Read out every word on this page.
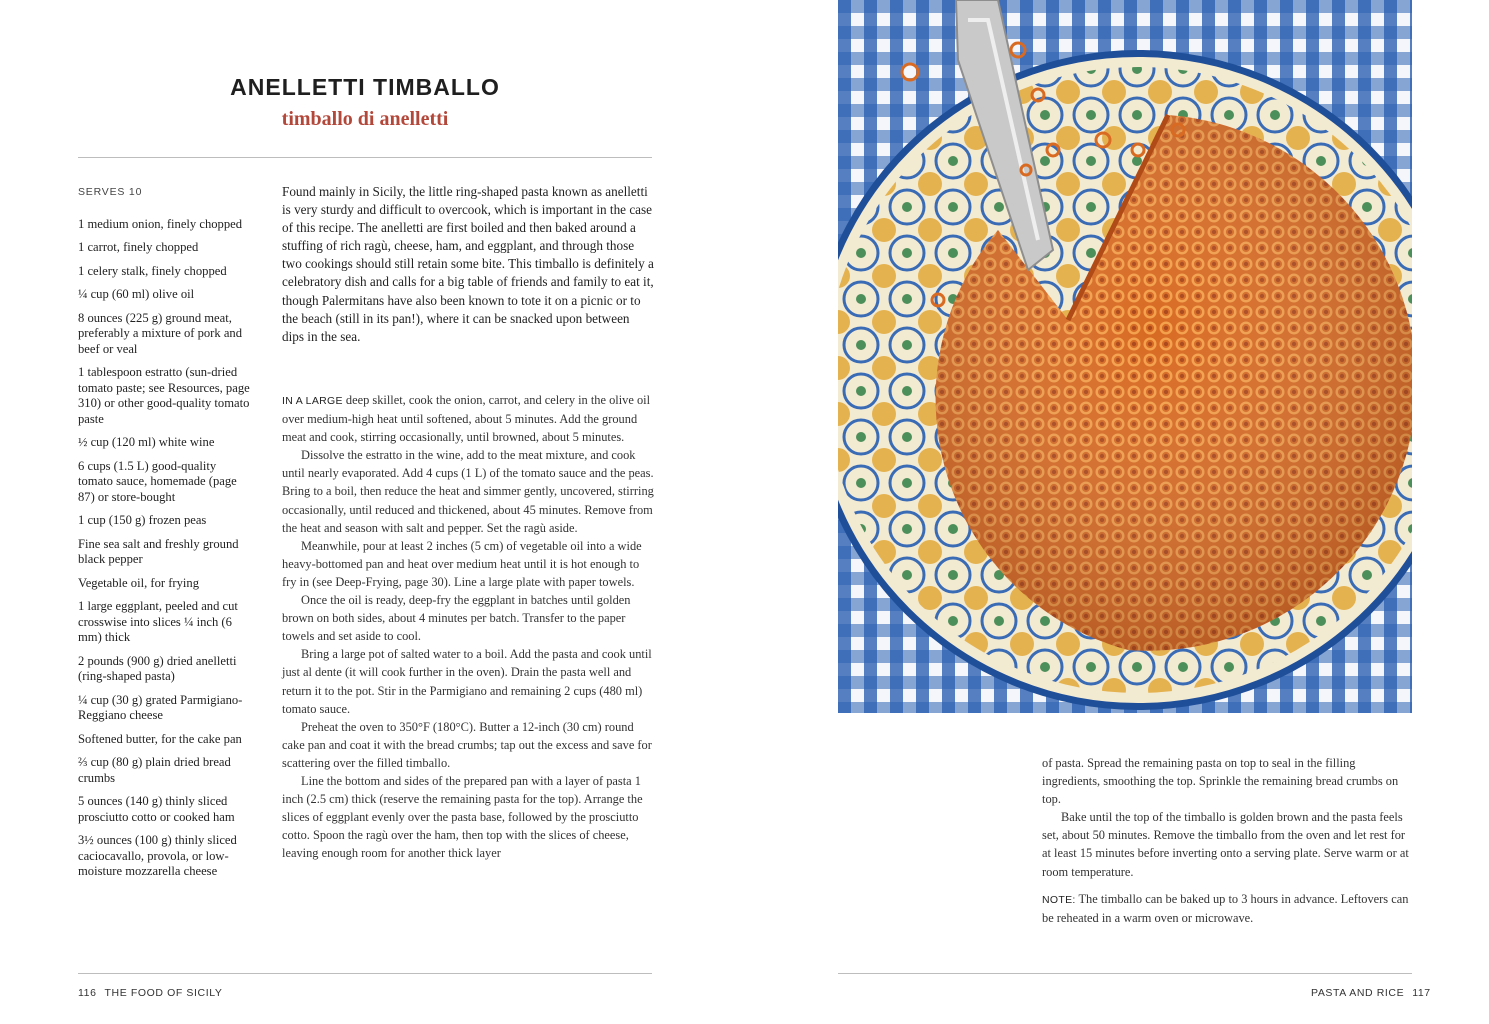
ANELLETTI TIMBALLO
timballo di anelletti
SERVES 10
1 medium onion, finely chopped
1 carrot, finely chopped
1 celery stalk, finely chopped
¼ cup (60 ml) olive oil
8 ounces (225 g) ground meat, preferably a mixture of pork and beef or veal
1 tablespoon estratto (sun-dried tomato paste; see Resources, page 310) or other good-quality tomato paste
½ cup (120 ml) white wine
6 cups (1.5 L) good-quality tomato sauce, homemade (page 87) or store-bought
1 cup (150 g) frozen peas
Fine sea salt and freshly ground black pepper
Vegetable oil, for frying
1 large eggplant, peeled and cut crosswise into slices ¼ inch (6 mm) thick
2 pounds (900 g) dried anelletti (ring-shaped pasta)
¼ cup (30 g) grated Parmigiano-Reggiano cheese
Softened butter, for the cake pan
⅔ cup (80 g) plain dried bread crumbs
5 ounces (140 g) thinly sliced prosciutto cotto or cooked ham
3½ ounces (100 g) thinly sliced caciocavallo, provola, or low-moisture mozzarella cheese

Found mainly in Sicily, the little ring-shaped pasta known as anelletti is very sturdy and difficult to overcook, which is important in the case of this recipe. The anelletti are first boiled and then baked around a stuffing of rich ragù, cheese, ham, and eggplant, and through those two cookings should still retain some bite. This timballo is definitely a celebratory dish and calls for a big table of friends and family to eat it, though Palermitans have also been known to tote it on a picnic or to the beach (still in its pan!), where it can be snacked upon between dips in the sea.

IN A LARGE deep skillet, cook the onion, carrot, and celery in the olive oil over medium-high heat until softened, about 5 minutes. Add the ground meat and cook, stirring occasionally, until browned, about 5 minutes.

Dissolve the estratto in the wine, add to the meat mixture, and cook until nearly evaporated. Add 4 cups (1 L) of the tomato sauce and the peas. Bring to a boil, then reduce the heat and simmer gently, uncovered, stirring occasionally, until reduced and thickened, about 45 minutes. Remove from the heat and season with salt and pepper. Set the ragù aside.

Meanwhile, pour at least 2 inches (5 cm) of vegetable oil into a wide heavy-bottomed pan and heat over medium heat until it is hot enough to fry in (see Deep-Frying, page 30). Line a large plate with paper towels.

Once the oil is ready, deep-fry the eggplant in batches until golden brown on both sides, about 4 minutes per batch. Transfer to the paper towels and set aside to cool.

Bring a large pot of salted water to a boil. Add the pasta and cook until just al dente (it will cook further in the oven). Drain the pasta well and return it to the pot. Stir in the Parmigiano and remaining 2 cups (480 ml) tomato sauce.

Preheat the oven to 350°F (180°C). Butter a 12-inch (30 cm) round cake pan and coat it with the bread crumbs; tap out the excess and save for scattering over the filled timballo.

Line the bottom and sides of the prepared pan with a layer of pasta 1 inch (2.5 cm) thick (reserve the remaining pasta for the top). Arrange the slices of eggplant evenly over the pasta base, followed by the prosciutto cotto. Spoon the ragù over the ham, then top with the slices of cheese, leaving enough room for another thick layer

116 THE FOOD OF SICILY

of pasta. Spread the remaining pasta on top to seal in the filling ingredients, smoothing the top. Sprinkle the remaining bread crumbs on top.

Bake until the top of the timballo is golden brown and the pasta feels set, about 50 minutes. Remove the timballo from the oven and let rest for at least 15 minutes before inverting onto a serving plate. Serve warm or at room temperature.

NOTE: The timballo can be baked up to 3 hours in advance. Leftovers can be reheated in a warm oven or microwave.

PASTA AND RICE 117
